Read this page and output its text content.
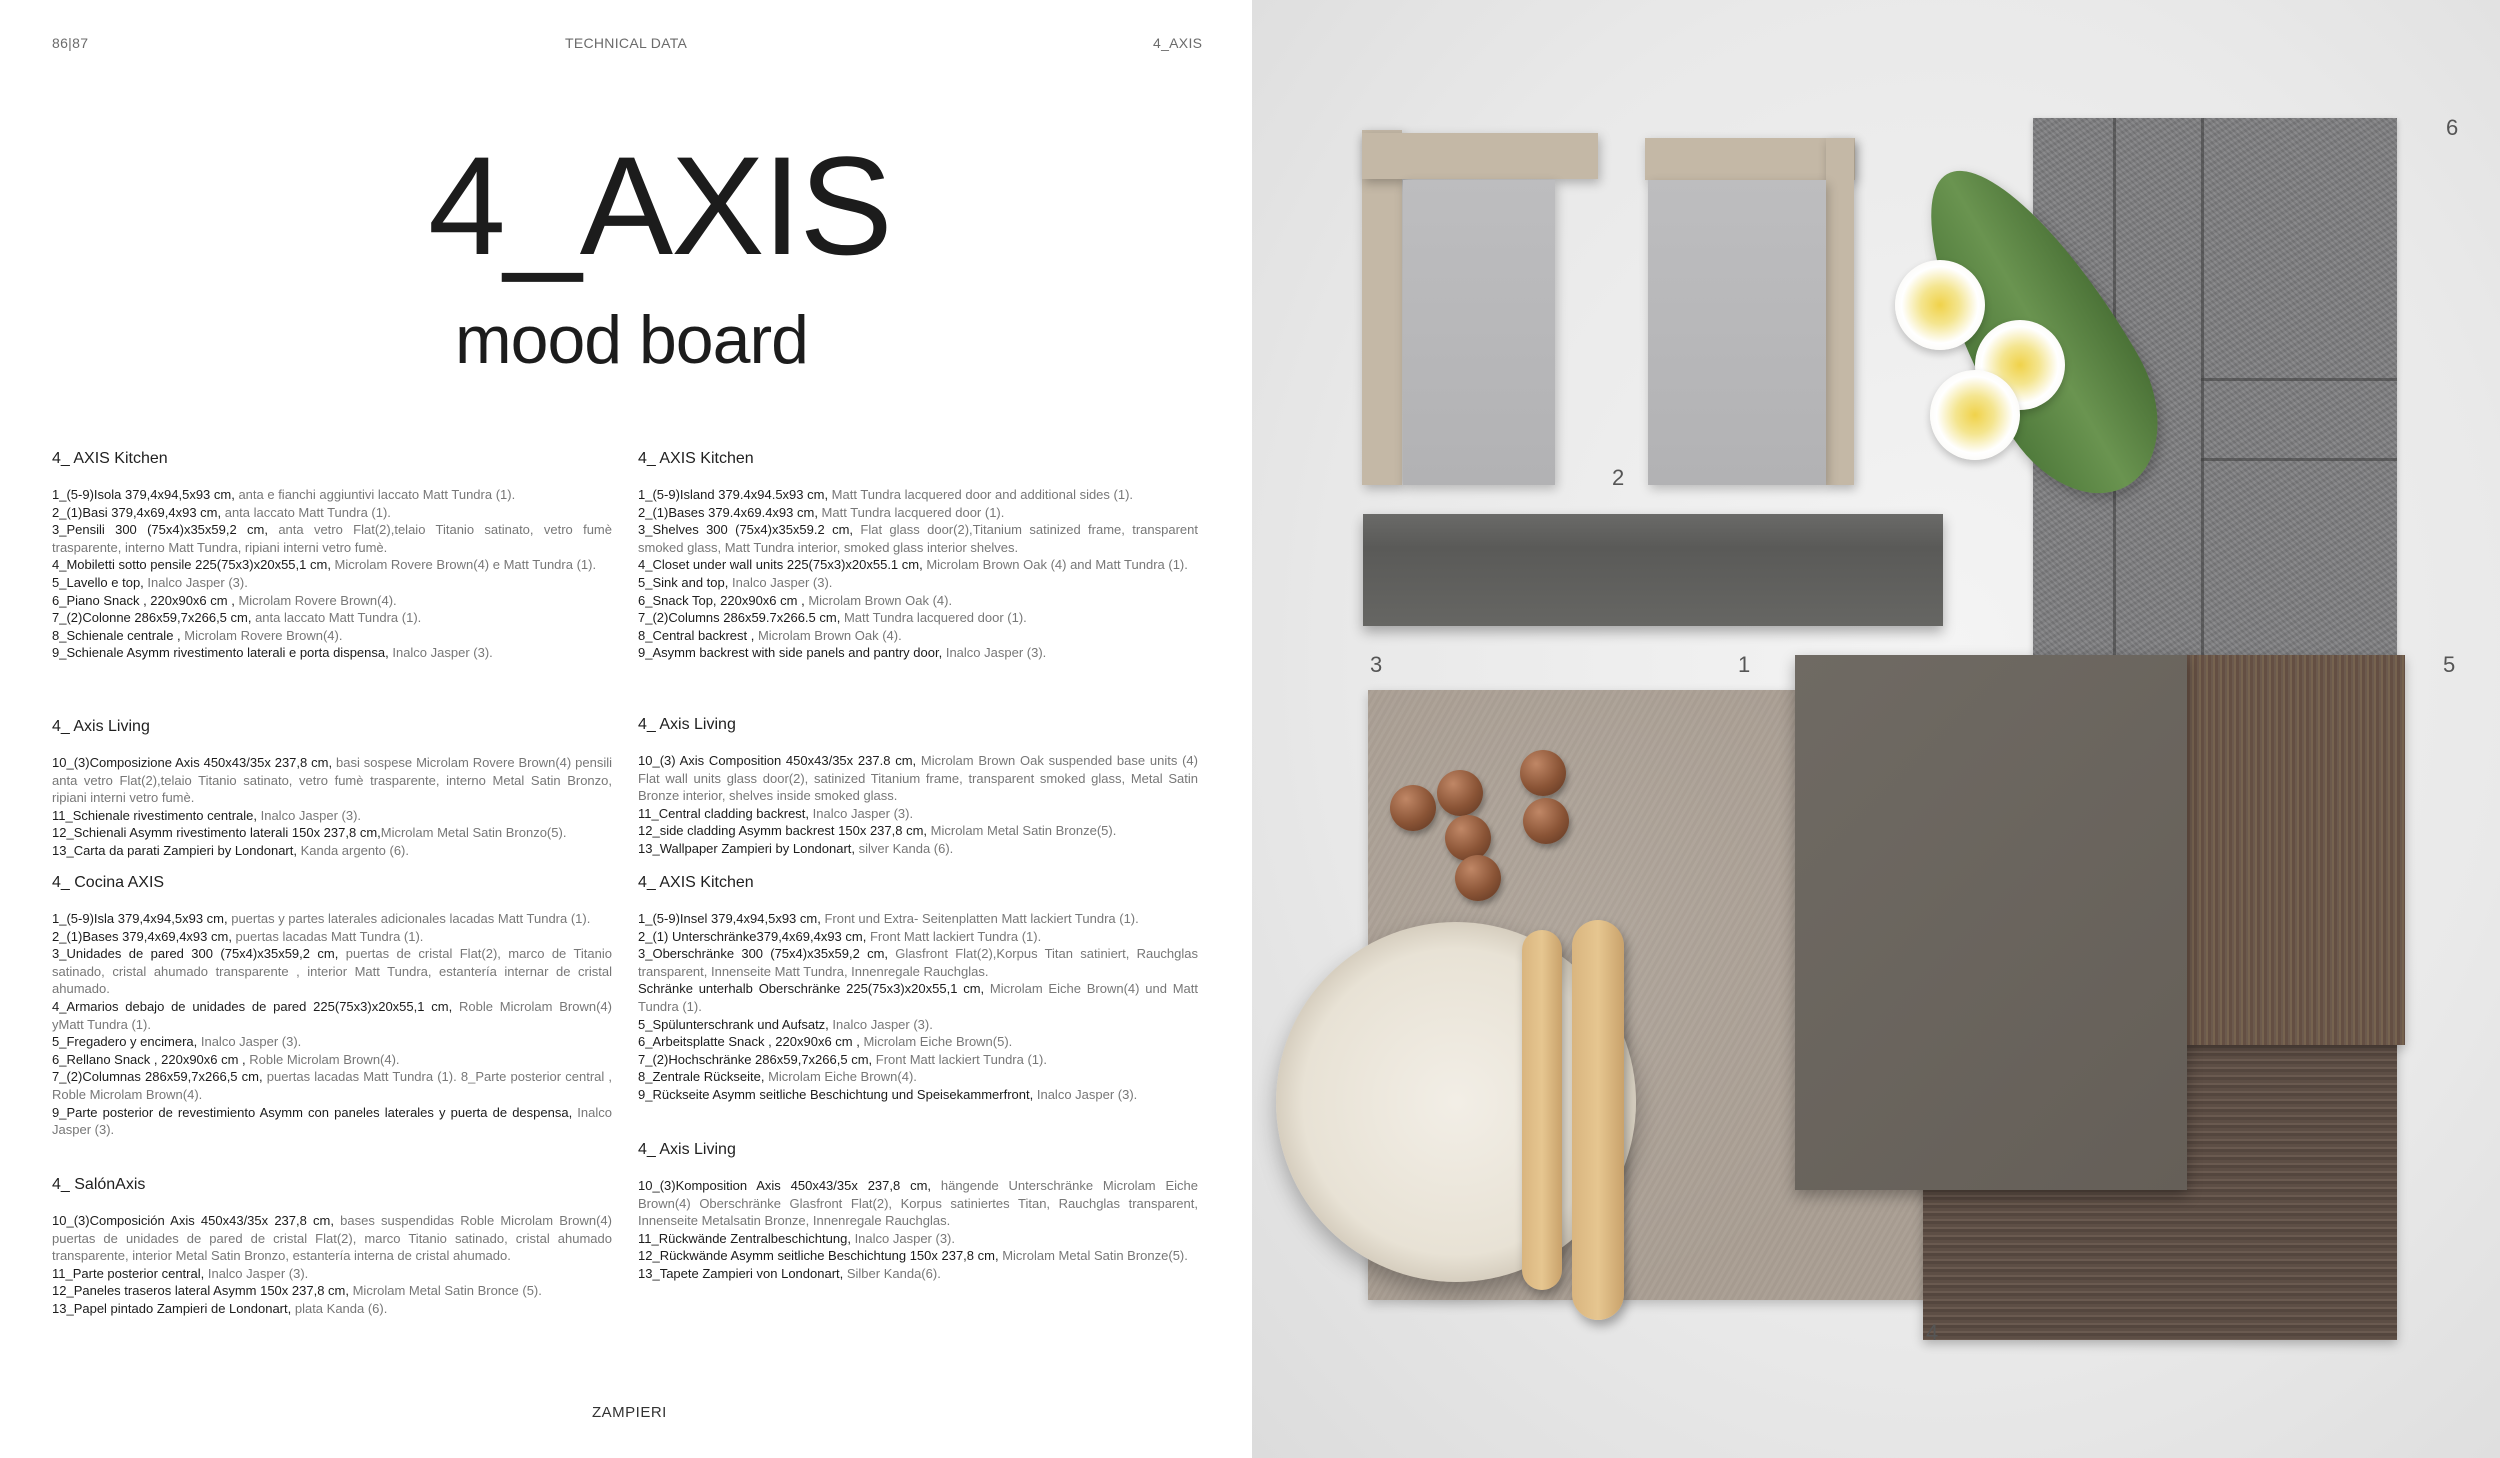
86|87	TECHNICAL DATA	4_AXIS
4_AXIS
mood board
4_ AXIS Kitchen
1_(5-9)Isola 379,4x94,5x93 cm, anta e fianchi aggiuntivi laccato Matt Tundra (1).
2_(1)Basi 379,4x69,4x93 cm, anta laccato Matt Tundra (1).
3_Pensili 300 (75x4)x35x59,2 cm, anta vetro Flat(2),telaio Titanio satinato, vetro fumè trasparente, interno Matt Tundra, ripiani interni vetro fumè.
4_Mobiletti sotto pensile 225(75x3)x20x55,1 cm, Microlam Rovere Brown(4) e Matt Tundra (1).
5_Lavello e top, Inalco Jasper (3).
6_Piano Snack , 220x90x6 cm , Microlam Rovere Brown(4).
7_(2)Colonne 286x59,7x266,5 cm, anta laccato Matt Tundra (1).
8_Schienale centrale , Microlam Rovere Brown(4).
9_Schienale Asymm rivestimento laterali e porta dispensa, Inalco Jasper (3).
4_ Axis Living
10_(3)Composizione Axis 450x43/35x 237,8 cm, basi sospese Microlam Rovere Brown(4) pensili anta vetro Flat(2),telaio Titanio satinato, vetro fumè trasparente, interno Metal Satin Bronzo, ripiani interni vetro fumè.
11_Schienale rivestimento centrale, Inalco Jasper (3).
12_Schienali Asymm rivestimento laterali 150x 237,8 cm,Microlam Metal Satin Bronzo(5).
13_Carta da parati Zampieri by Londonart, Kanda argento (6).
4_ Cocina AXIS
1_(5-9)Isla 379,4x94,5x93 cm, puertas y partes laterales adicionales lacadas Matt Tundra (1).
2_(1)Bases 379,4x69,4x93 cm, puertas lacadas Matt Tundra (1).
3_Unidades de pared 300 (75x4)x35x59,2 cm, puertas de cristal Flat(2), marco de Titanio satinado, cristal ahumado transparente , interior Matt Tundra, estantería internar de cristal ahumado.
4_Armarios debajo de unidades de pared 225(75x3)x20x55,1 cm, Roble Microlam Brown(4) yMatt Tundra (1).
5_Fregadero y encimera, Inalco Jasper (3).
6_Rellano Snack , 220x90x6 cm , Roble Microlam Brown(4).
7_(2)Columnas 286x59,7x266,5 cm, puertas lacadas Matt Tundra (1). 8_Parte posterior central , Roble Microlam Brown(4).
9_Parte posterior de revestimiento Asymm con paneles laterales y puerta de despensa, Inalco Jasper (3).
4_ SalónAxis
10_(3)Composición Axis 450x43/35x 237,8 cm, bases suspendidas Roble Microlam Brown(4) puertas de unidades de pared de cristal Flat(2), marco Titanio satinado, cristal ahumado transparente, interior Metal Satin Bronzo, estantería interna de cristal ahumado.
11_Parte posterior central, Inalco Jasper (3).
12_Paneles traseros lateral Asymm 150x 237,8 cm, Microlam Metal Satin Bronce (5).
13_Papel pintado Zampieri de Londonart, plata Kanda (6).
4_ AXIS Kitchen
1_(5-9)Island 379.4x94.5x93 cm, Matt Tundra lacquered door and additional sides (1).
2_(1)Bases 379.4x69.4x93 cm, Matt Tundra lacquered door (1).
3_Shelves 300 (75x4)x35x59.2 cm, Flat glass door(2),Titanium satinized frame, transparent smoked glass, Matt Tundra interior, smoked glass interior shelves.
4_Closet under wall units 225(75x3)x20x55.1 cm, Microlam Brown Oak (4) and Matt Tundra (1).
5_Sink and top, Inalco Jasper (3).
6_Snack Top, 220x90x6 cm , Microlam Brown Oak (4).
7_(2)Columns 286x59.7x266.5 cm, Matt Tundra lacquered door (1).
8_Central backrest , Microlam Brown Oak (4).
9_Asymm backrest with side panels and pantry door, Inalco Jasper (3).
4_ Axis Living
10_(3) Axis Composition 450x43/35x 237.8 cm, Microlam Brown Oak suspended base units (4) Flat wall units glass door(2), satinized Titanium frame, transparent smoked glass, Metal Satin Bronze interior, shelves inside smoked glass.
11_Central cladding backrest, Inalco Jasper (3).
12_side cladding Asymm backrest 150x 237,8 cm, Microlam Metal Satin Bronze(5).
13_Wallpaper Zampieri by Londonart, silver Kanda (6).
4_ AXIS Kitchen
1_(5-9)Insel 379,4x94,5x93 cm, Front und Extra- Seitenplatten Matt lackiert Tundra (1).
2_(1) Unterschränke379,4x69,4x93 cm, Front Matt lackiert Tundra (1).
3_Oberschränke 300 (75x4)x35x59,2 cm, Glasfront Flat(2),Korpus Titan satiniert, Rauchglas transparent, Innenseite Matt Tundra, Innenregale Rauchglas.
Schränke unterhalb Oberschränke 225(75x3)x20x55,1 cm, Microlam Eiche Brown(4) und Matt Tundra (1).
5_Spülunterschrank und Aufsatz, Inalco Jasper (3).
6_Arbeitsplatte Snack , 220x90x6 cm , Microlam Eiche Brown(5).
7_(2)Hochschränke 286x59,7x266,5 cm, Front Matt lackiert Tundra (1).
8_Zentrale Rückseite, Microlam Eiche Brown(4).
9_Rückseite Asymm seitliche Beschichtung und Speisekammerfront, Inalco Jasper (3).
4_ Axis Living
10_(3)Komposition Axis 450x43/35x 237,8 cm, hängende Unterschränke Microlam Eiche Brown(4) Oberschränke Glasfront Flat(2), Korpus satiniertes Titan, Rauchglas transparent, Innenseite Metalsatin Bronze, Innenregale Rauchglas.
11_Rückwände Zentralbeschichtung, Inalco Jasper (3).
12_Rückwände Asymm seitliche Beschichtung 150x 237,8 cm, Microlam Metal Satin Bronze(5).
13_Tapete Zampieri von Londonart, Silber Kanda(6).
ZAMPIERI
2
3	1	5
6
4
